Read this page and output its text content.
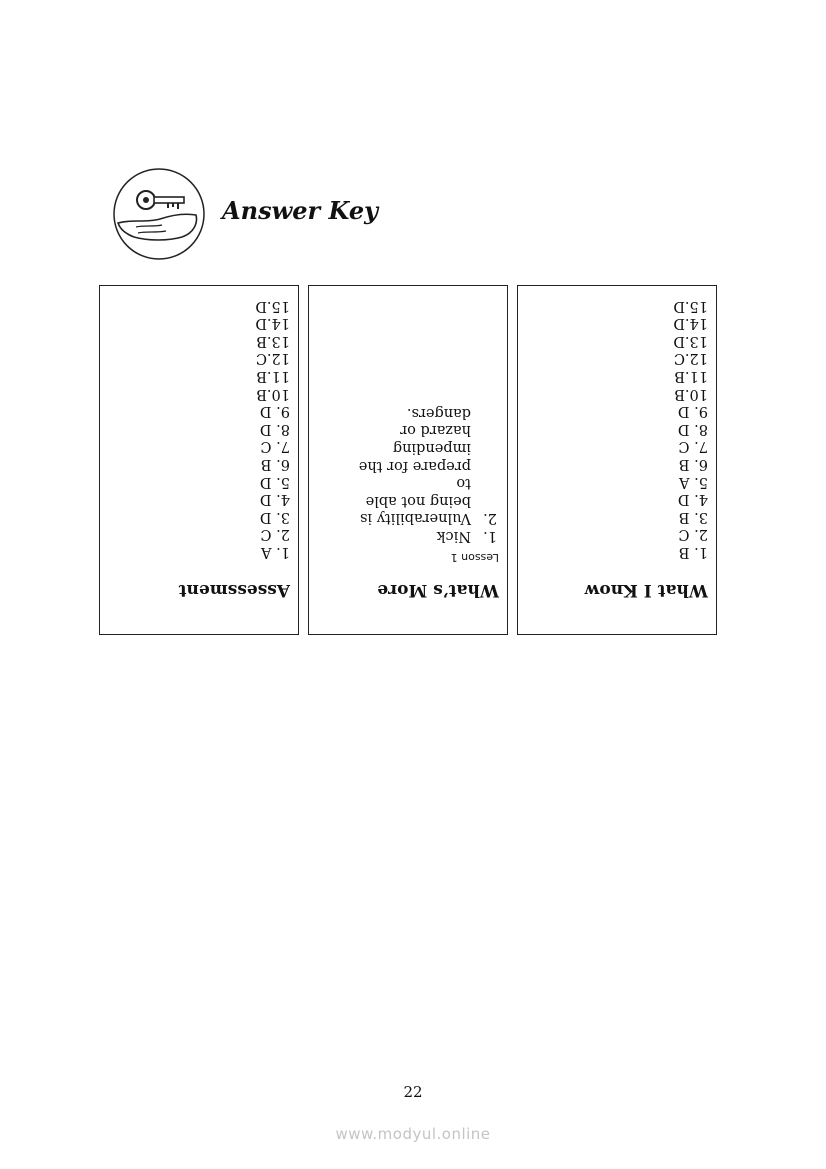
Answer Key
Assessment
1. A
2. C
3. D
4. D
5. D
6. B
7. C
8. D
9. D
10.B
11.B
12.C
13.B
14.D
15.D
What’s More
Lesson 1
1.
Nick
2.
Vulnerability is
being not able to
prepare for the
impending
hazard or
dangers.
What I Know
1. B
2. C
3. B
4. D
5. A
6. B
7. C
8. D
9. D
10.B
11.B
12.C
13.D
14.D
15.D
22
www.modyul.online
